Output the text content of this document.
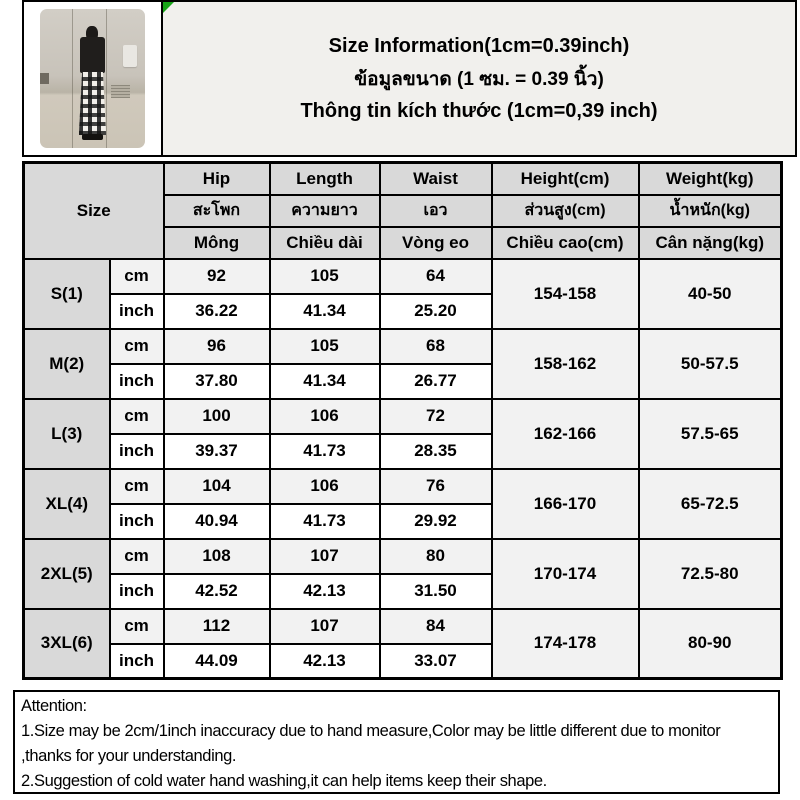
Size Information(1cm=0.39inch)
ข้อมูลขนาด (1 ซม. = 0.39 นิ้ว)
Thông tin kích thước (1cm=0,39 inch)
Size		Hip	Length	Waist	Height(cm)	Weight(kg)
		สะโพก	ความยาว	เอว	ส่วนสูง(cm)	น้ำหนัก(kg)
		Mông	Chiều dài	Vòng eo	Chiều cao(cm)	Cân nặng(kg)
S(1)	cm	92	105	64	154-158	40-50
	inch	36.22	41.34	25.20		
M(2)	cm	96	105	68	158-162	50-57.5
	inch	37.80	41.34	26.77		
L(3)	cm	100	106	72	162-166	57.5-65
	inch	39.37	41.73	28.35		
XL(4)	cm	104	106	76	166-170	65-72.5
	inch	40.94	41.73	29.92		
2XL(5)	cm	108	107	80	170-174	72.5-80
	inch	42.52	42.13	31.50		
3XL(6)	cm	112	107	84	174-178	80-90
	inch	44.09	42.13	33.07		
Attention:
1.Size may be 2cm/1inch inaccuracy due to hand measure,Color may be little different due to monitor ,thanks for your understanding.
2.Suggestion of cold water hand washing,it can help items keep their shape.
